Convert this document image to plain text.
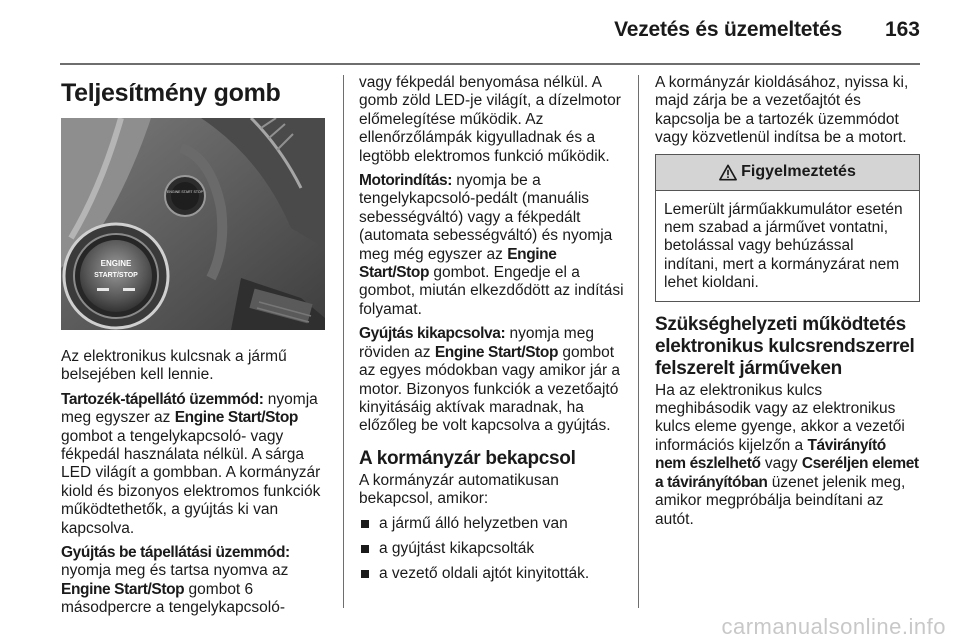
Vezetés és üzemeltetés 163
Teljesítmény gomb
ENGINE START STOP
ENGINE
START/STOP

Az elektronikus kulcsnak a jármű belsejében kell lennie.

Tartozék-tápellátó üzemmód: nyomja meg egyszer az Engine Start/Stop gombot a tengelykapcsoló- vagy fékpedál használata nélkül. A sárga LED világít a gombban. A kormányzár kiold és bizonyos elektromos funkciók működtethetők, a gyújtás ki van kapcsolva.

Gyújtás be tápellátási üzemmód: nyomja meg és tartsa nyomva az Engine Start/Stop gombot 6 másodpercre a tengelykapcsoló-

vagy fékpedál benyomása nélkül. A gomb zöld LED-je világít, a dízelmotor előmelegítése működik. Az ellenőrzőlámpák kigyulladnak és a legtöbb elektromos funkció működik.

Motorindítás: nyomja be a tengelykapcsoló-pedált (manuális sebességváltó) vagy a fékpedált (automata sebességváltó) és nyomja meg még egyszer az Engine Start/Stop gombot. Engedje el a gombot, miután elkezdődött az indítási folyamat.

Gyújtás kikapcsolva: nyomja meg röviden az Engine Start/Stop gombot az egyes módokban vagy amikor jár a motor. Bizonyos funkciók a vezetőajtó kinyitásáig aktívak maradnak, ha előzőleg be volt kapcsolva a gyújtás.

A kormányzár bekapcsol

A kormányzár automatikusan bekapcsol, amikor:

a jármű álló helyzetben van
a gyújtást kikapcsolták
a vezető oldali ajtót kinyitották.

A kormányzár kioldásához, nyissa ki, majd zárja be a vezetőajtót és kapcsolja be a tartozék üzemmódot vagy közvetlenül indítsa be a motort.

Figyelmeztetés
Lemerült járműakkumulátor esetén nem szabad a járművet vontatni, betolással vagy behúzással indítani, mert a kormányzárat nem lehet kioldani.
Szükséghelyzeti működtetés elektronikus kulcsrendszerrel felszerelt járműveken

Ha az elektronikus kulcs meghibásodik vagy az elektronikus kulcs eleme gyenge, akkor a vezetői információs kijelzőn a Távirányító nem észlelhető vagy Cseréljen elemet a távirányítóban üzenet jelenik meg, amikor megpróbálja beindítani az autót.

carmanualsonline.info
